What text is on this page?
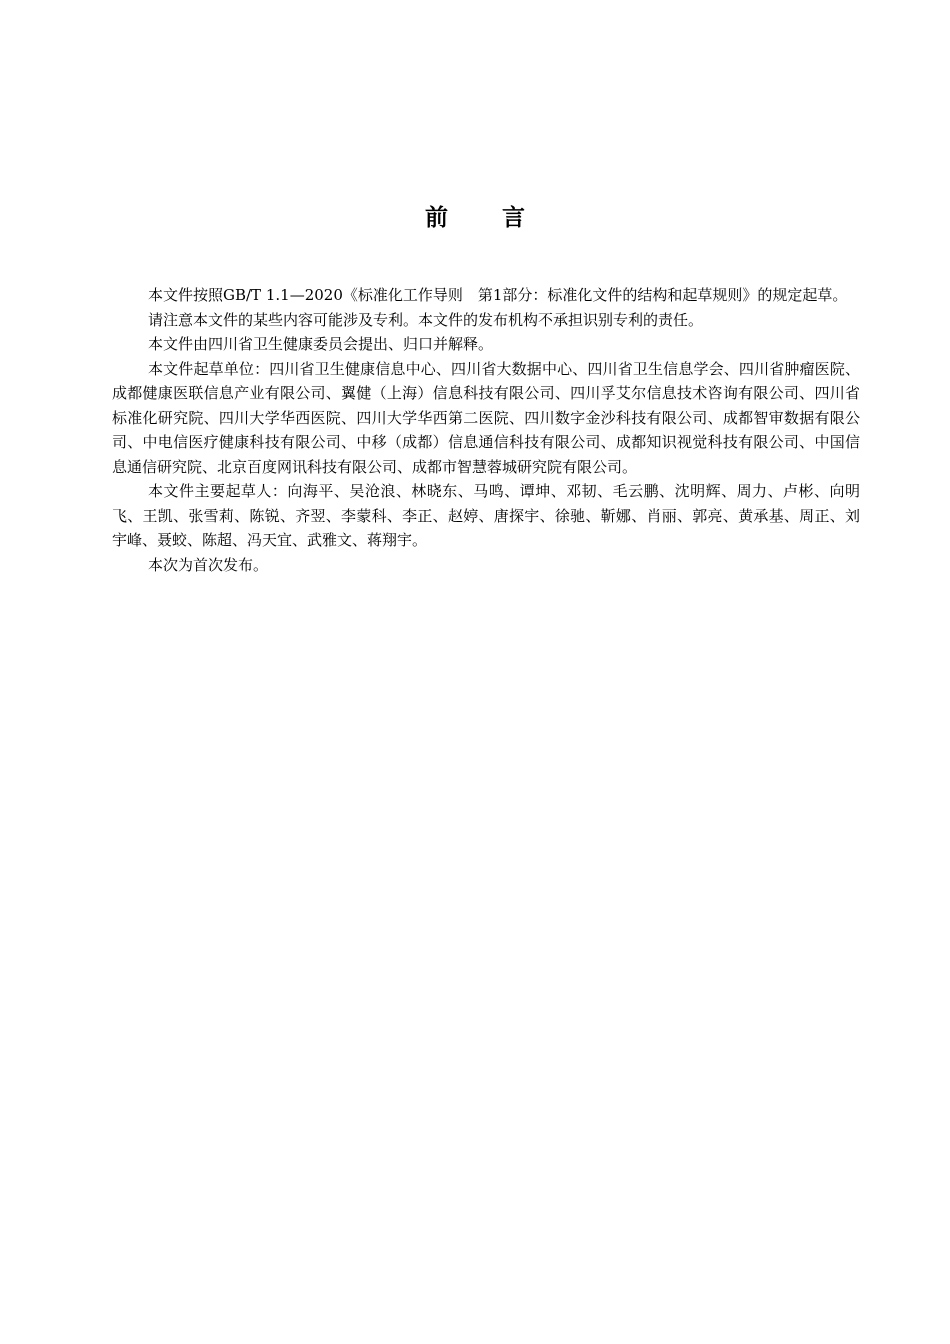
前 言

本文件按照GB/T 1.1—2020《标准化工作导则　第1部分：标准化文件的结构和起草规则》的规定起草。

请注意本文件的某些内容可能涉及专利。本文件的发布机构不承担识别专利的责任。

本文件由四川省卫生健康委员会提出、归口并解释。

本文件起草单位：四川省卫生健康信息中心、四川省大数据中心、四川省卫生信息学会、四川省肿瘤医院、成都健康医联信息产业有限公司、翼健（上海）信息科技有限公司、四川孚艾尔信息技术咨询有限公司、四川省标准化研究院、四川大学华西医院、四川大学华西第二医院、四川数字金沙科技有限公司、成都智审数据有限公司、中电信医疗健康科技有限公司、中移（成都）信息通信科技有限公司、成都知识视觉科技有限公司、中国信息通信研究院、北京百度网讯科技有限公司、成都市智慧蓉城研究院有限公司。

本文件主要起草人：向海平、吴沧浪、林晓东、马鸣、谭坤、邓韧、毛云鹏、沈明辉、周力、卢彬、向明飞、王凯、张雪莉、陈锐、齐翌、李蒙科、李正、赵婷、唐探宇、徐驰、靳娜、肖丽、郭亮、黄承基、周正、刘宇峰、聂蛟、陈超、冯天宜、武雅文、蒋翔宇。

本次为首次发布。
